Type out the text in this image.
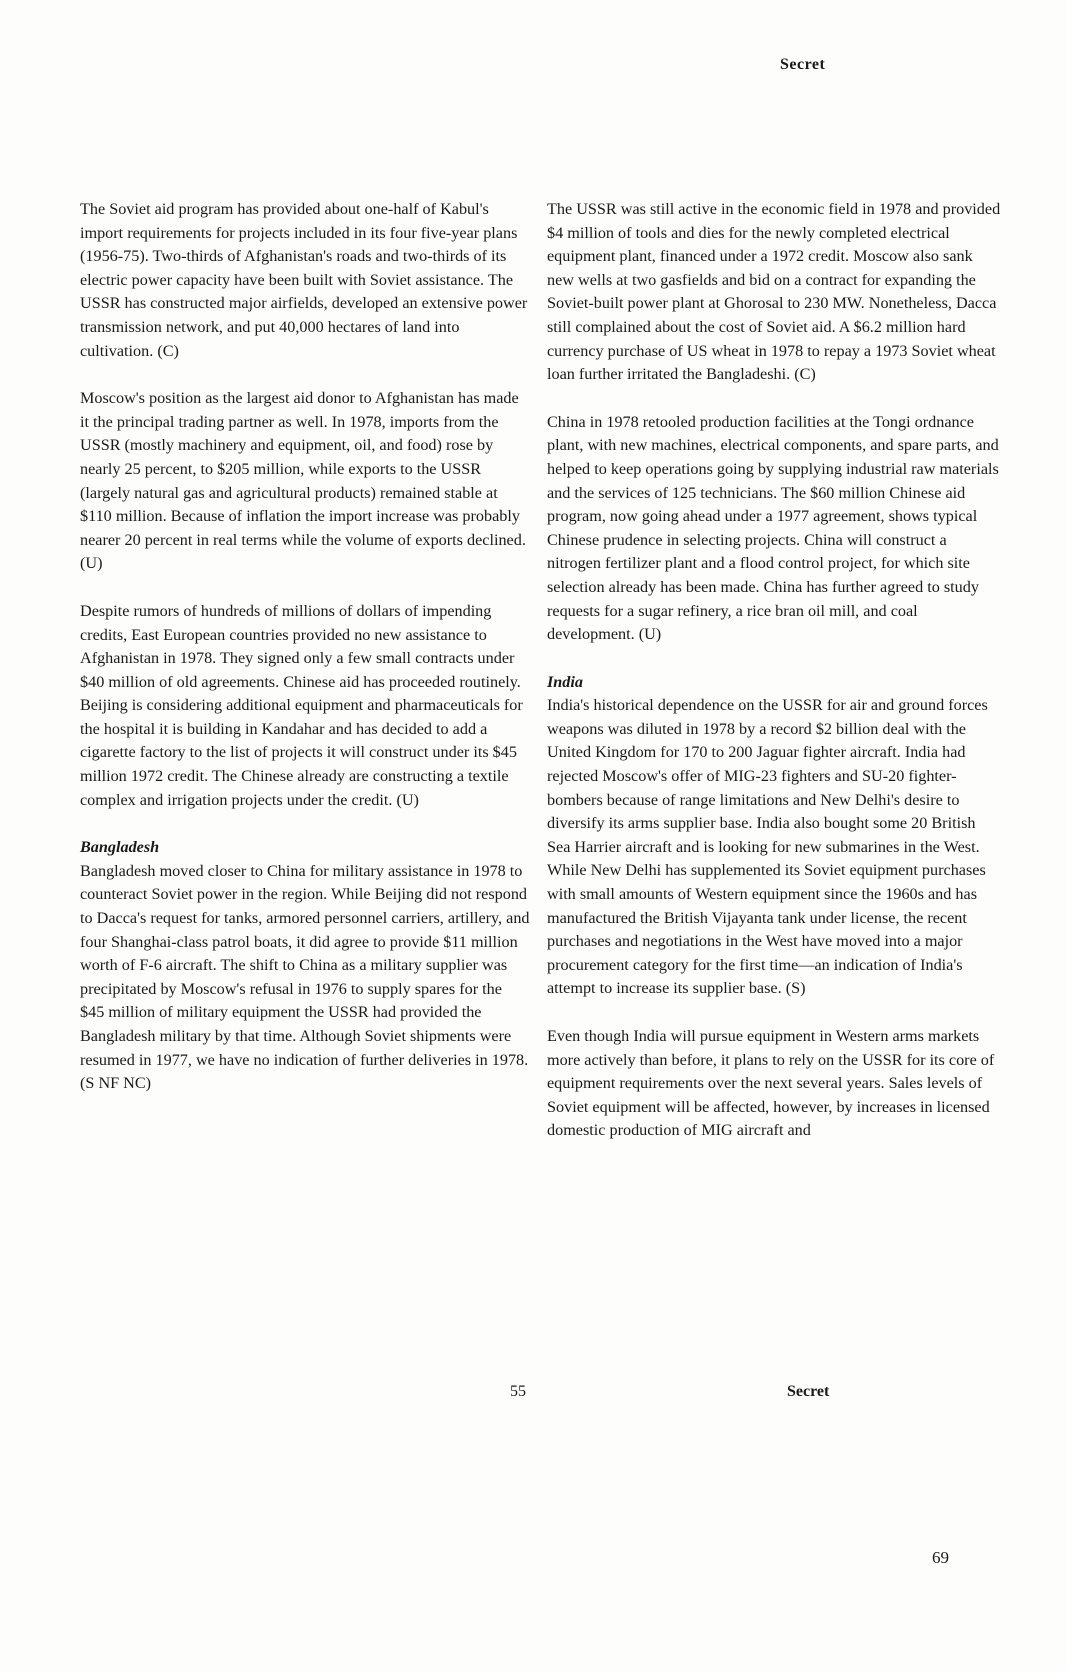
Secret

The Soviet aid program has provided about one-half of Kabul's import requirements for projects included in its four five-year plans (1956-75). Two-thirds of Afghanistan's roads and two-thirds of its electric power capacity have been built with Soviet assistance. The USSR has constructed major airfields, developed an extensive power transmission network, and put 40,000 hectares of land into cultivation. (C)

Moscow's position as the largest aid donor to Afghanistan has made it the principal trading partner as well. In 1978, imports from the USSR (mostly machinery and equipment, oil, and food) rose by nearly 25 percent, to $205 million, while exports to the USSR (largely natural gas and agricultural products) remained stable at $110 million. Because of inflation the import increase was probably nearer 20 percent in real terms while the volume of exports declined. (U)

Despite rumors of hundreds of millions of dollars of impending credits, East European countries provided no new assistance to Afghanistan in 1978. They signed only a few small contracts under $40 million of old agreements. Chinese aid has proceeded routinely. Beijing is considering additional equipment and pharmaceuticals for the hospital it is building in Kandahar and has decided to add a cigarette factory to the list of projects it will construct under its $45 million 1972 credit. The Chinese already are constructing a textile complex and irrigation projects under the credit. (U)

Bangladesh

Bangladesh moved closer to China for military assistance in 1978 to counteract Soviet power in the region. While Beijing did not respond to Dacca's request for tanks, armored personnel carriers, artillery, and four Shanghai-class patrol boats, it did agree to provide $11 million worth of F-6 aircraft. The shift to China as a military supplier was precipitated by Moscow's refusal in 1976 to supply spares for the $45 million of military equipment the USSR had provided the Bangladesh military by that time. Although Soviet shipments were resumed in 1977, we have no indication of further deliveries in 1978. (S NF NC)

The USSR was still active in the economic field in 1978 and provided $4 million of tools and dies for the newly completed electrical equipment plant, financed under a 1972 credit. Moscow also sank new wells at two gasfields and bid on a contract for expanding the Soviet-built power plant at Ghorosal to 230 MW. Nonetheless, Dacca still complained about the cost of Soviet aid. A $6.2 million hard currency purchase of US wheat in 1978 to repay a 1973 Soviet wheat loan further irritated the Bangladeshi. (C)

China in 1978 retooled production facilities at the Tongi ordnance plant, with new machines, electrical components, and spare parts, and helped to keep operations going by supplying industrial raw materials and the services of 125 technicians. The $60 million Chinese aid program, now going ahead under a 1977 agreement, shows typical Chinese prudence in selecting projects. China will construct a nitrogen fertilizer plant and a flood control project, for which site selection already has been made. China has further agreed to study requests for a sugar refinery, a rice bran oil mill, and coal development. (U)

India

India's historical dependence on the USSR for air and ground forces weapons was diluted in 1978 by a record $2 billion deal with the United Kingdom for 170 to 200 Jaguar fighter aircraft. India had rejected Moscow's offer of MIG-23 fighters and SU-20 fighter-bombers because of range limitations and New Delhi's desire to diversify its arms supplier base. India also bought some 20 British Sea Harrier aircraft and is looking for new submarines in the West. While New Delhi has supplemented its Soviet equipment purchases with small amounts of Western equipment since the 1960s and has manufactured the British Vijayanta tank under license, the recent purchases and negotiations in the West have moved into a major procurement category for the first time—an indication of India's attempt to increase its supplier base. (S)

Even though India will pursue equipment in Western arms markets more actively than before, it plans to rely on the USSR for its core of equipment requirements over the next several years. Sales levels of Soviet equipment will be affected, however, by increases in licensed domestic production of MIG aircraft and

55	Secret
69
